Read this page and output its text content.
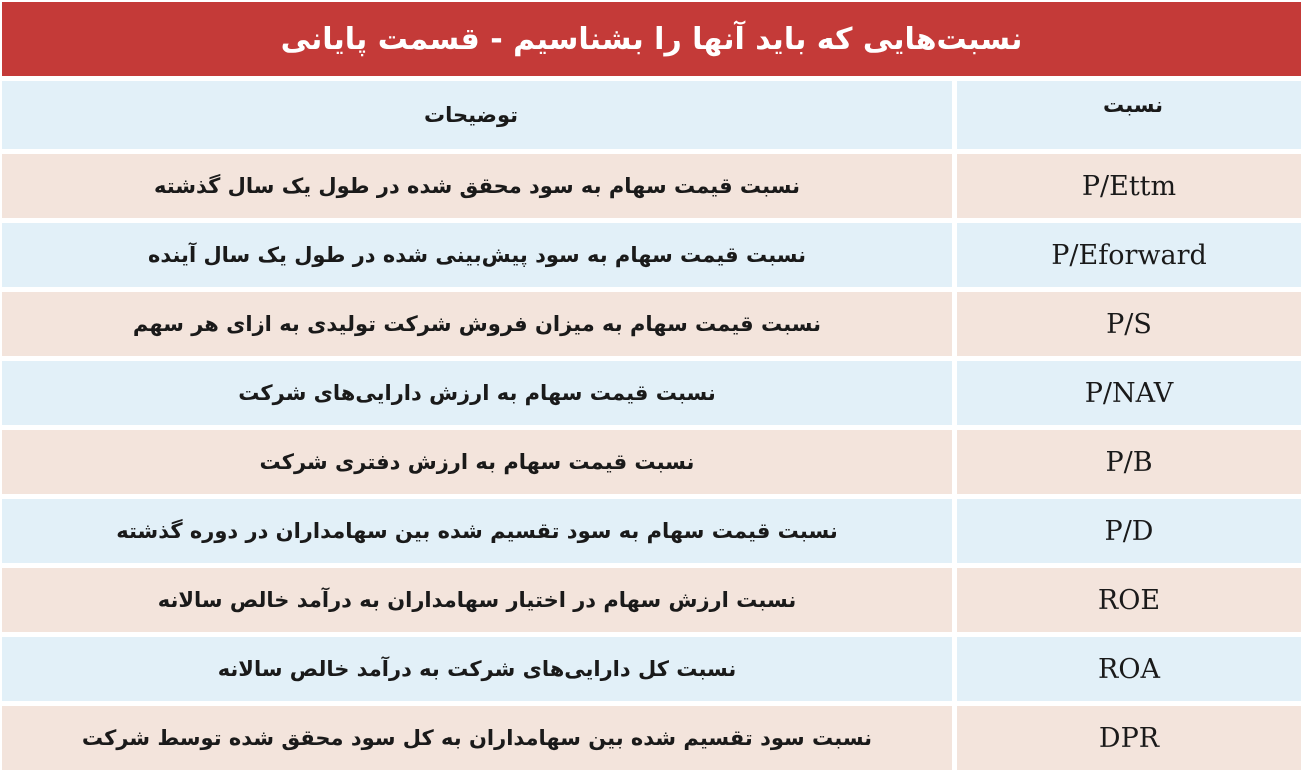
نسبت‌هایی که باید آنها را بشناسیم - قسمت پایانی
توضیحات	نسبت
نسبت قیمت سهام به سود محقق شده در طول یک سال گذشته	P/Ettm
نسبت قیمت سهام به سود پیش‌بینی شده در طول یک سال آینده	P/Eforward
نسبت قیمت سهام به میزان فروش شرکت تولیدی به ازای هر سهم	P/S
نسبت قیمت سهام به ارزش دارایی‌های شرکت	P/NAV
نسبت قیمت سهام به ارزش دفتری شرکت	P/B
نسبت قیمت سهام به سود تقسیم شده بین سهامداران در دوره گذشته	P/D
نسبت ارزش سهام در اختیار سهامداران به درآمد خالص سالانه	ROE
نسبت کل دارایی‌های شرکت به درآمد خالص سالانه	ROA
نسبت سود تقسیم شده بین سهامداران به کل سود محقق شده توسط شرکت	DPR
